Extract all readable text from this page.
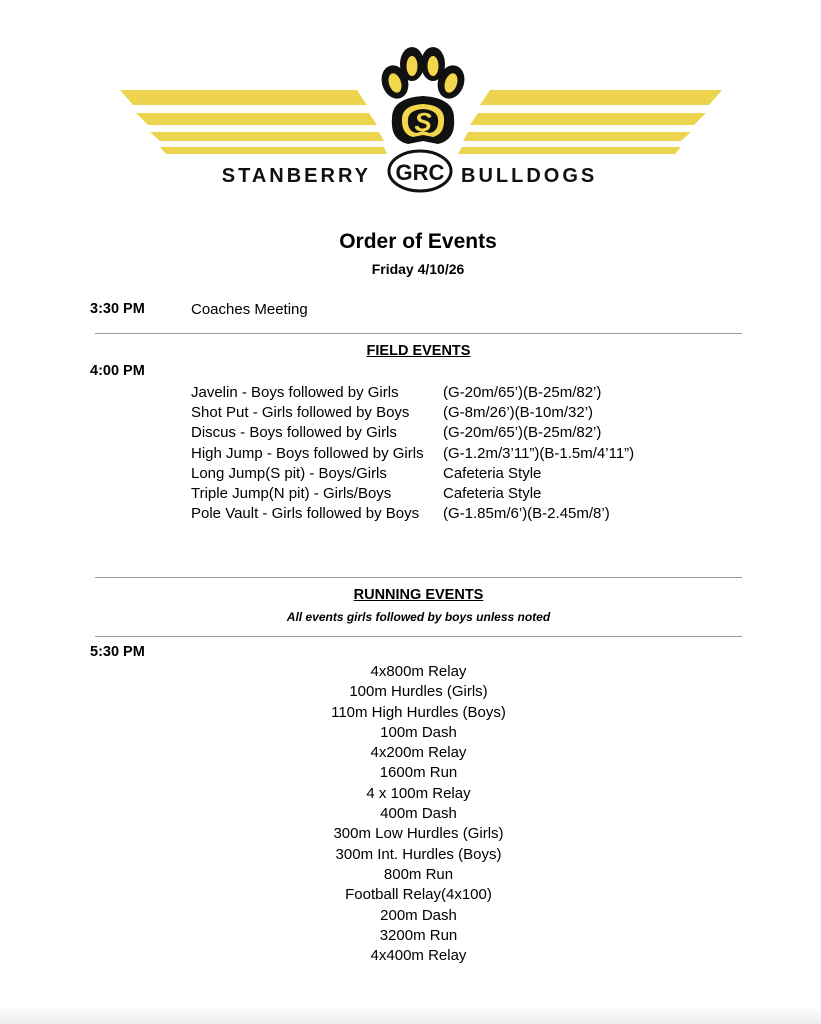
S
GRC
STANBERRY	BULLDOGS
Order of Events
Friday 4/10/26
3:30 PM	Coaches Meeting
FIELD EVENTS
4:00 PM
Javelin - Boys followed by Girls	(G-20m/65’)(B-25m/82’)
Shot Put - Girls followed by Boys	(G-8m/26’)(B-10m/32’)
Discus - Boys followed by Girls	(G-20m/65’)(B-25m/82’)
High Jump - Boys followed by Girls	(G-1.2m/3’11”)(B-1.5m/4’11”)
Long Jump(S pit) - Boys/Girls	Cafeteria Style
Triple Jump(N pit) - Girls/Boys	Cafeteria Style
Pole Vault - Girls followed by Boys	(G-1.85m/6’)(B-2.45m/8’)
RUNNING EVENTS
All events girls followed by boys unless noted
5:30 PM
4x800m Relay
100m Hurdles (Girls)
110m High Hurdles (Boys)
100m Dash
4x200m Relay
1600m Run
4 x 100m Relay
400m Dash
300m Low Hurdles (Girls)
300m Int. Hurdles (Boys)
800m Run
Football Relay(4x100)
200m Dash
3200m Run
4x400m Relay
